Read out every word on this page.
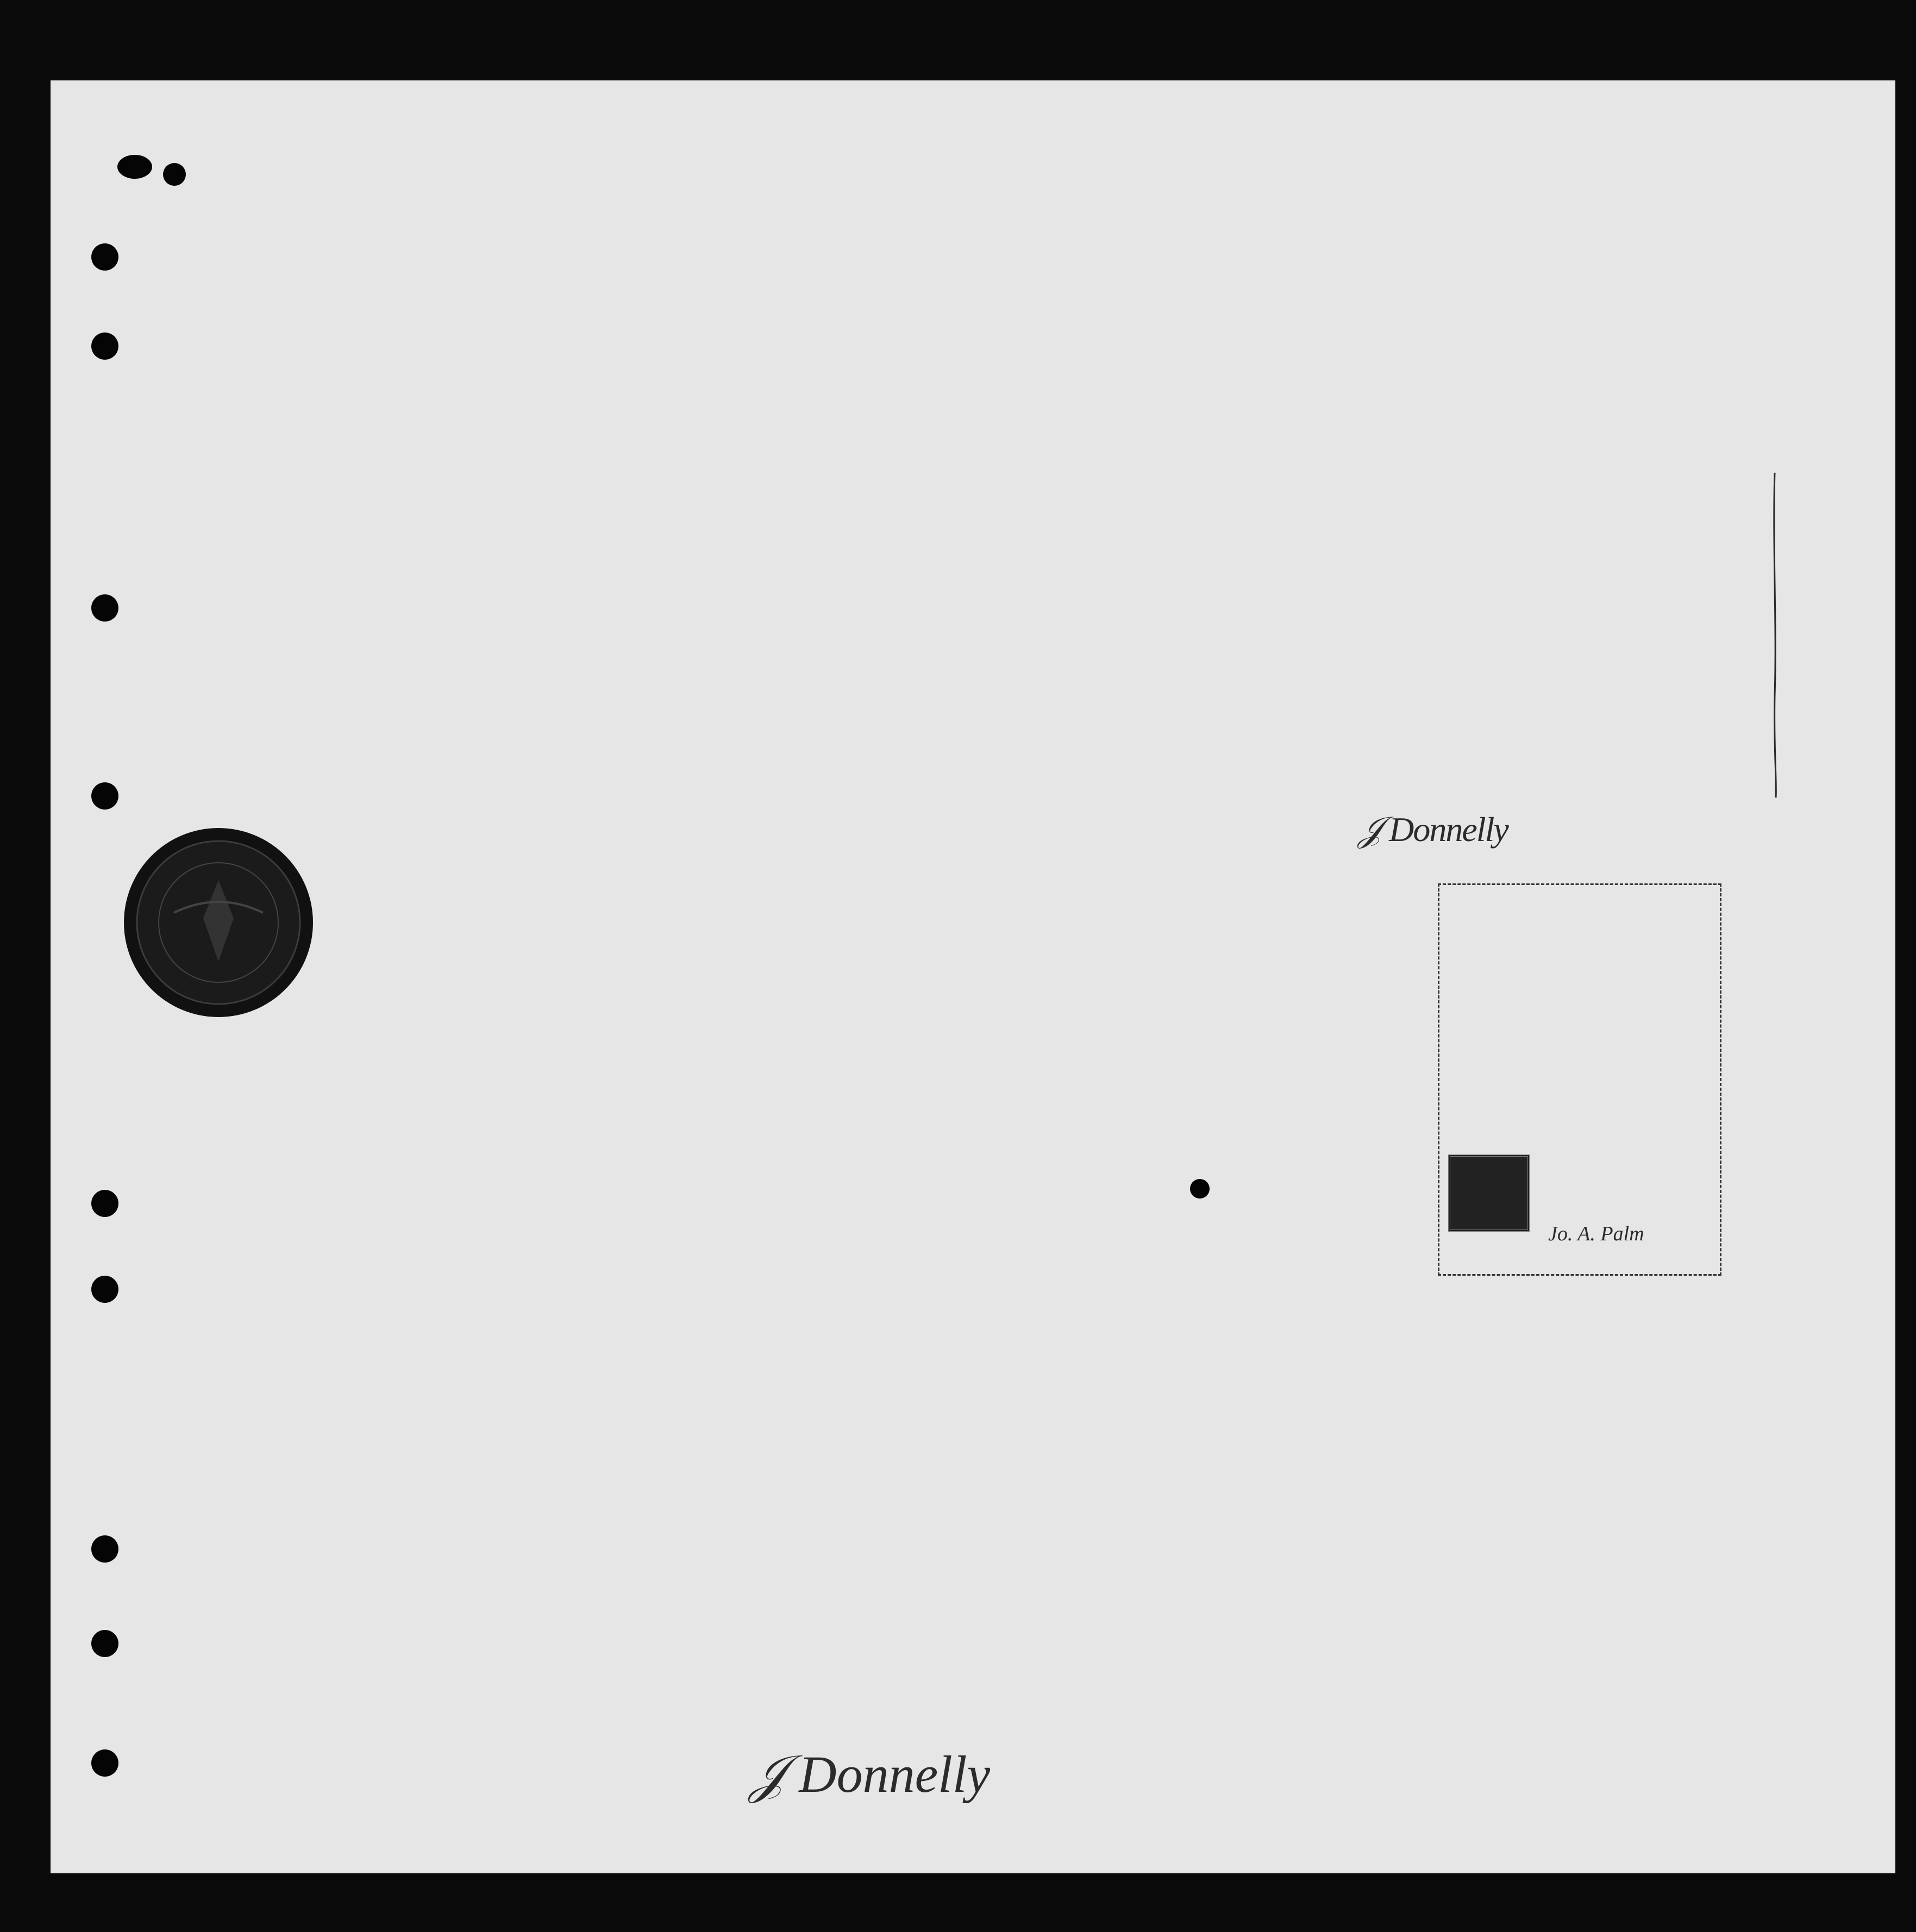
𝒥 Donnelly
Jo. A. Palm
𝒥 Donnelly
